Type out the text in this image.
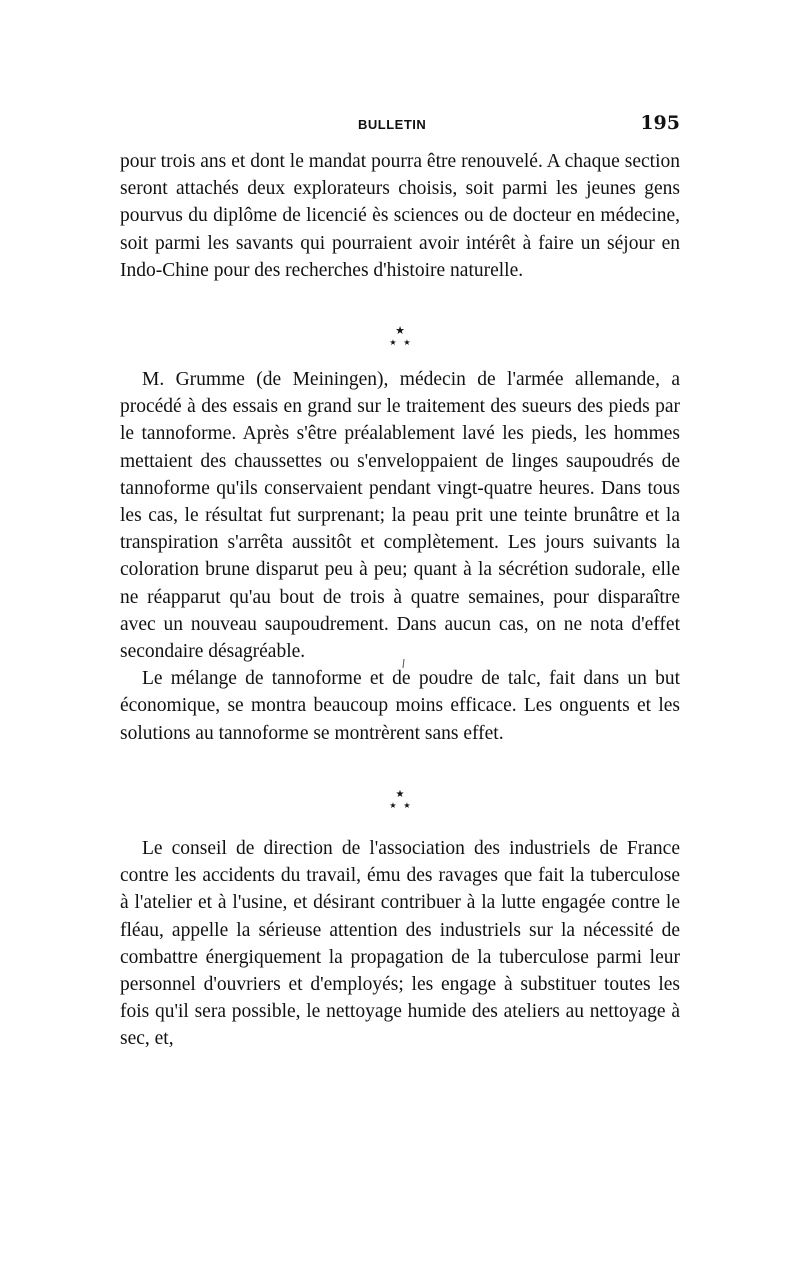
BULLETIN	195

pour trois ans et dont le mandat pourra être renouvelé. A chaque section seront attachés deux explorateurs choisis, soit parmi les jeunes gens pourvus du diplôme de licencié ès sciences ou de docteur en médecine, soit parmi les savants qui pourraient avoir intérêt à faire un séjour en Indo-Chine pour des recherches d'histoire naturelle.

★
★ ★

M. Grumme (de Meiningen), médecin de l'armée allemande, a procédé à des essais en grand sur le traitement des sueurs des pieds par le tannoforme. Après s'être préalablement lavé les pieds, les hommes mettaient des chaussettes ou s'enveloppaient de linges saupoudrés de tannoforme qu'ils conservaient pendant vingt-quatre heures. Dans tous les cas, le résultat fut surprenant; la peau prit une teinte brunâtre et la transpiration s'arrêta aussitôt et complètement. Les jours suivants la coloration brune disparut peu à peu; quant à la sécrétion sudorale, elle ne réapparut qu'au bout de trois à quatre semaines, pour disparaître avec un nouveau saupoudrement. Dans aucun cas, on ne nota d'effet secondaire désagréable.

Le mélange de tannoforme et de poudre de talc, fait dans un but économique, se montra beaucoup moins efficace. Les onguents et les solutions au tannoforme se montrèrent sans effet.

★
★ ★

Le conseil de direction de l'association des industriels de France contre les accidents du travail, ému des ravages que fait la tuberculose à l'atelier et à l'usine, et désirant contribuer à la lutte engagée contre le fléau, appelle la sérieuse attention des industriels sur la nécessité de combattre énergiquement la propagation de la tuberculose parmi leur personnel d'ouvriers et d'employés; les engage à substituer toutes les fois qu'il sera possible, le nettoyage humide des ateliers au nettoyage à sec, et,
